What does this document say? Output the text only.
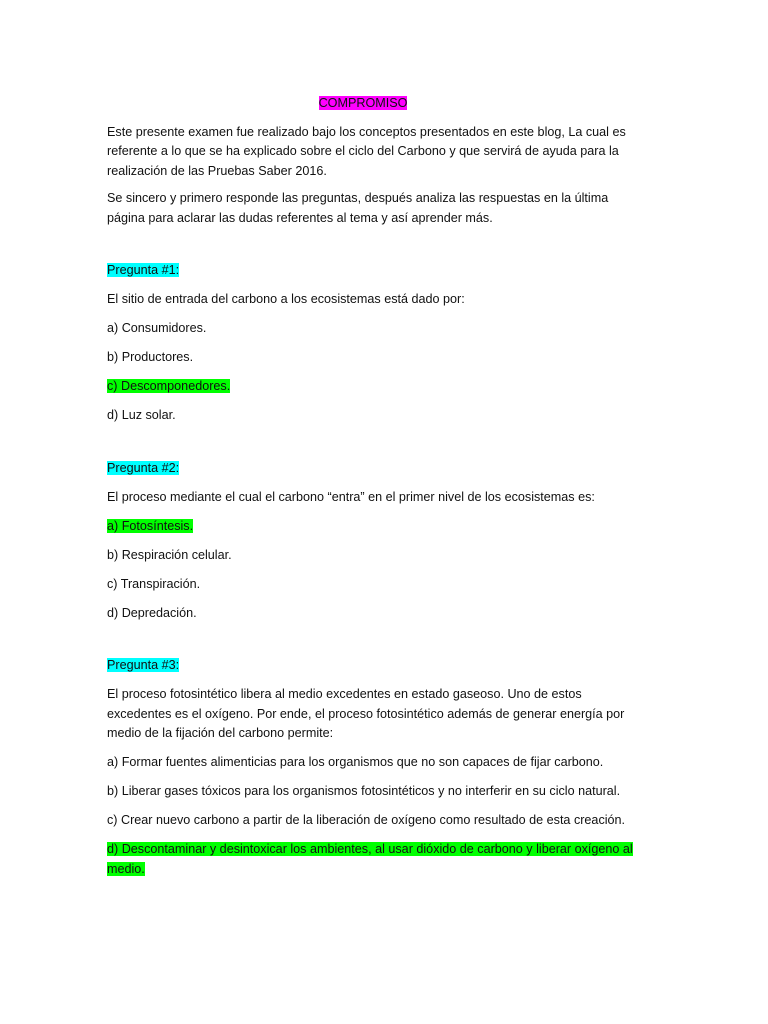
COMPROMISO

Este presente examen fue realizado bajo los conceptos presentados en este blog, La cual es referente a lo que se ha explicado sobre el ciclo del Carbono y que servirá de ayuda para la realización de las Pruebas Saber 2016.

Se sincero y primero responde las preguntas, después analiza las respuestas en la última página para aclarar las dudas referentes al tema y así aprender más.

Pregunta #1:

El sitio de entrada del carbono a los ecosistemas está dado por:

a) Consumidores.

b) Productores.

c) Descomponedores.

d) Luz solar.

Pregunta #2:

El proceso mediante el cual el carbono “entra” en el primer nivel de los ecosistemas es:

a) Fotosíntesis.

b) Respiración celular.

c) Transpiración.

d) Depredación.

Pregunta #3:

El proceso fotosintético libera al medio excedentes en estado gaseoso. Uno de estos excedentes es el oxígeno. Por ende, el proceso fotosintético además de generar energía por medio de la fijación del carbono permite:

a) Formar fuentes alimenticias para los organismos que no son capaces de fijar carbono.

b) Liberar gases tóxicos para los organismos fotosintéticos y no interferir en su ciclo natural.

c) Crear nuevo carbono a partir de la liberación de oxígeno como resultado de esta creación.

d) Descontaminar y desintoxicar los ambientes, al usar dióxido de carbono y liberar oxígeno al medio.
